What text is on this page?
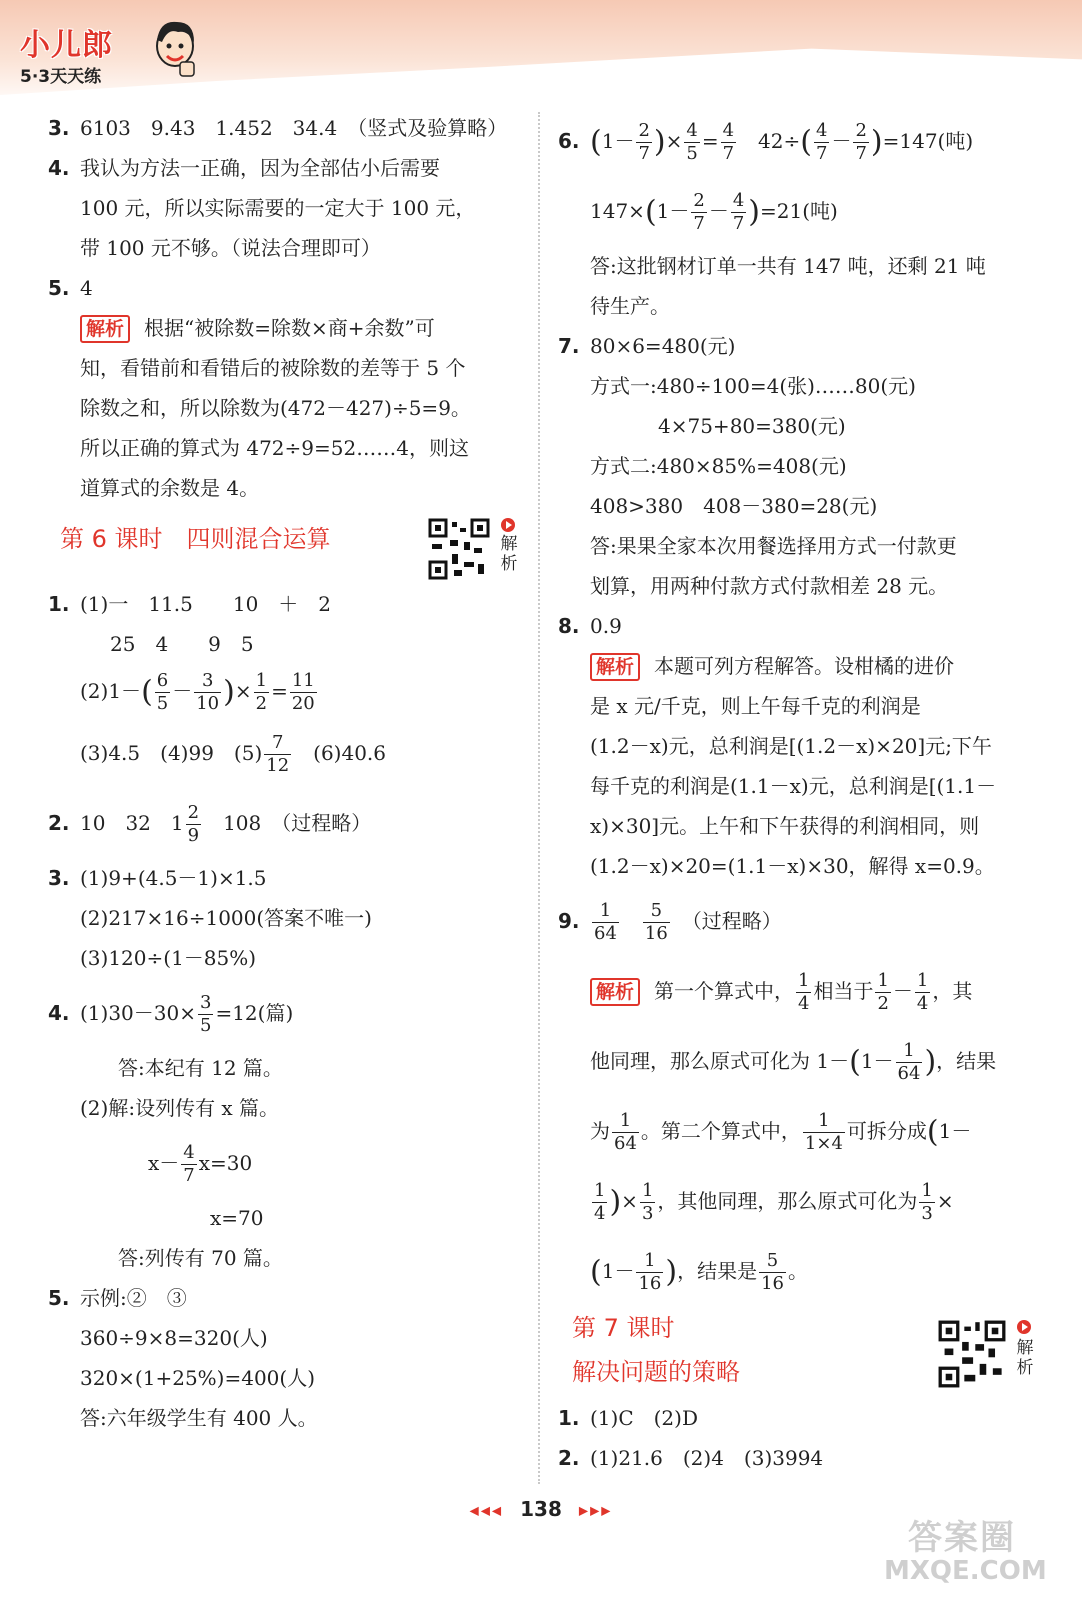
小儿郎
5·3天天练
3. 6103　9.43　1.452　34.4　（竖式及验算略）
4. 我认为方法一正确，因为全部估小后需要
100 元，所以实际需要的一定大于 100 元，
带 100 元不够。（说法合理即可）
5. 4
解析 根据“被除数=除数×商+余数”可
知，看错前和看错后的被除数的差等于 5 个
除数之和，所以除数为(472－427)÷5=9。
所以正确的算式为 472÷9=52……4，则这
道算式的余数是 4。
第 6 课时　四则混合运算	解析
1. (1)一　11.5　　10　＋　2
25　4　　9　5
$(2)1-( \frac{6}{5} - \frac{3}{10}$ )× $\frac{1}{2} = \frac{11}{20}$
(3)4.5　(4)99　$(5) \frac{7}{12}$ 　(6)40.6
2. 10　32　$1 \frac{2}{9}$ 　108　（过程略）
3. (1)9+(4.5－1)×1.5
(2)217×16÷1000(答案不唯一)
(3)120÷(1－85%)
4. $(1)30-30\times \frac{3}{5} =12$(篇)
答:本纪有 12 篇。
(2)解:设列传有 x 篇。
$x- \frac{4}{7} x=30$
x=70
答:列传有 70 篇。
5. 示例:②　③
360÷9×8=320(人)
320×(1+25%)=400(人)
答:六年级学生有 400 人。
6. ($1- \frac{2}{7}$ )× $\frac{4}{5} = \frac{4}{7}$ 　$42\div( \frac{4}{7} - \frac{2}{7} )=147$(吨)
$147\times(1- \frac{2}{7} - \frac{4}{7} )=21$(吨)
答:这批钢材订单一共有 147 吨，还剩 21 吨
待生产。
7. 80×6=480(元)
方式一:480÷100=4(张)……80(元)
4×75+80=380(元)
方式二:480×85%=408(元)
408>380　408－380=28(元)
答:果果全家本次用餐选择用方式一付款更
划算，用两种付款方式付款相差 28 元。
8. 0.9
解析 本题可列方程解答。设柑橘的进价
是 x 元/千克，则上午每千克的利润是
(1.2－x)元，总利润是[(1.2－x)×20]元;下午
每千克的利润是(1.1－x)元，总利润是[(1.1－
x)×30]元。上午和下午获得的利润相同，则
(1.2－x)×20=(1.1－x)×30，解得 x=0.9。
9. $\frac{1}{64}$
　 $\frac{5}{16}$
　 （过程略）
解析 第一个算式中， $\frac{1}{4}$ 相当于 $\frac{1}{2} - \frac{1}{4}$ ，其
他同理，那么原式可化为 $1-(1- \frac{1}{64}$ )，结果
为 $\frac{1}{64}$ 。第二个算式中， $\frac{1}{1\times 4}$ 可拆分成(1－
$\frac{1}{4}$ )× $\frac{1}{3}$ ，其他同理，那么原式可化为 $\frac{1}{3}$ ×
($1- \frac{1}{16}$ )，结果是 $\frac{5}{16}$ 。
第 7 课时
解决问题的策略
解析
1. (1)C　(2)D
2. (1)21.6　(2)4　(3)3994
◀◀◀ 138 ▶▶▶
答案圈
MXQE.COM
